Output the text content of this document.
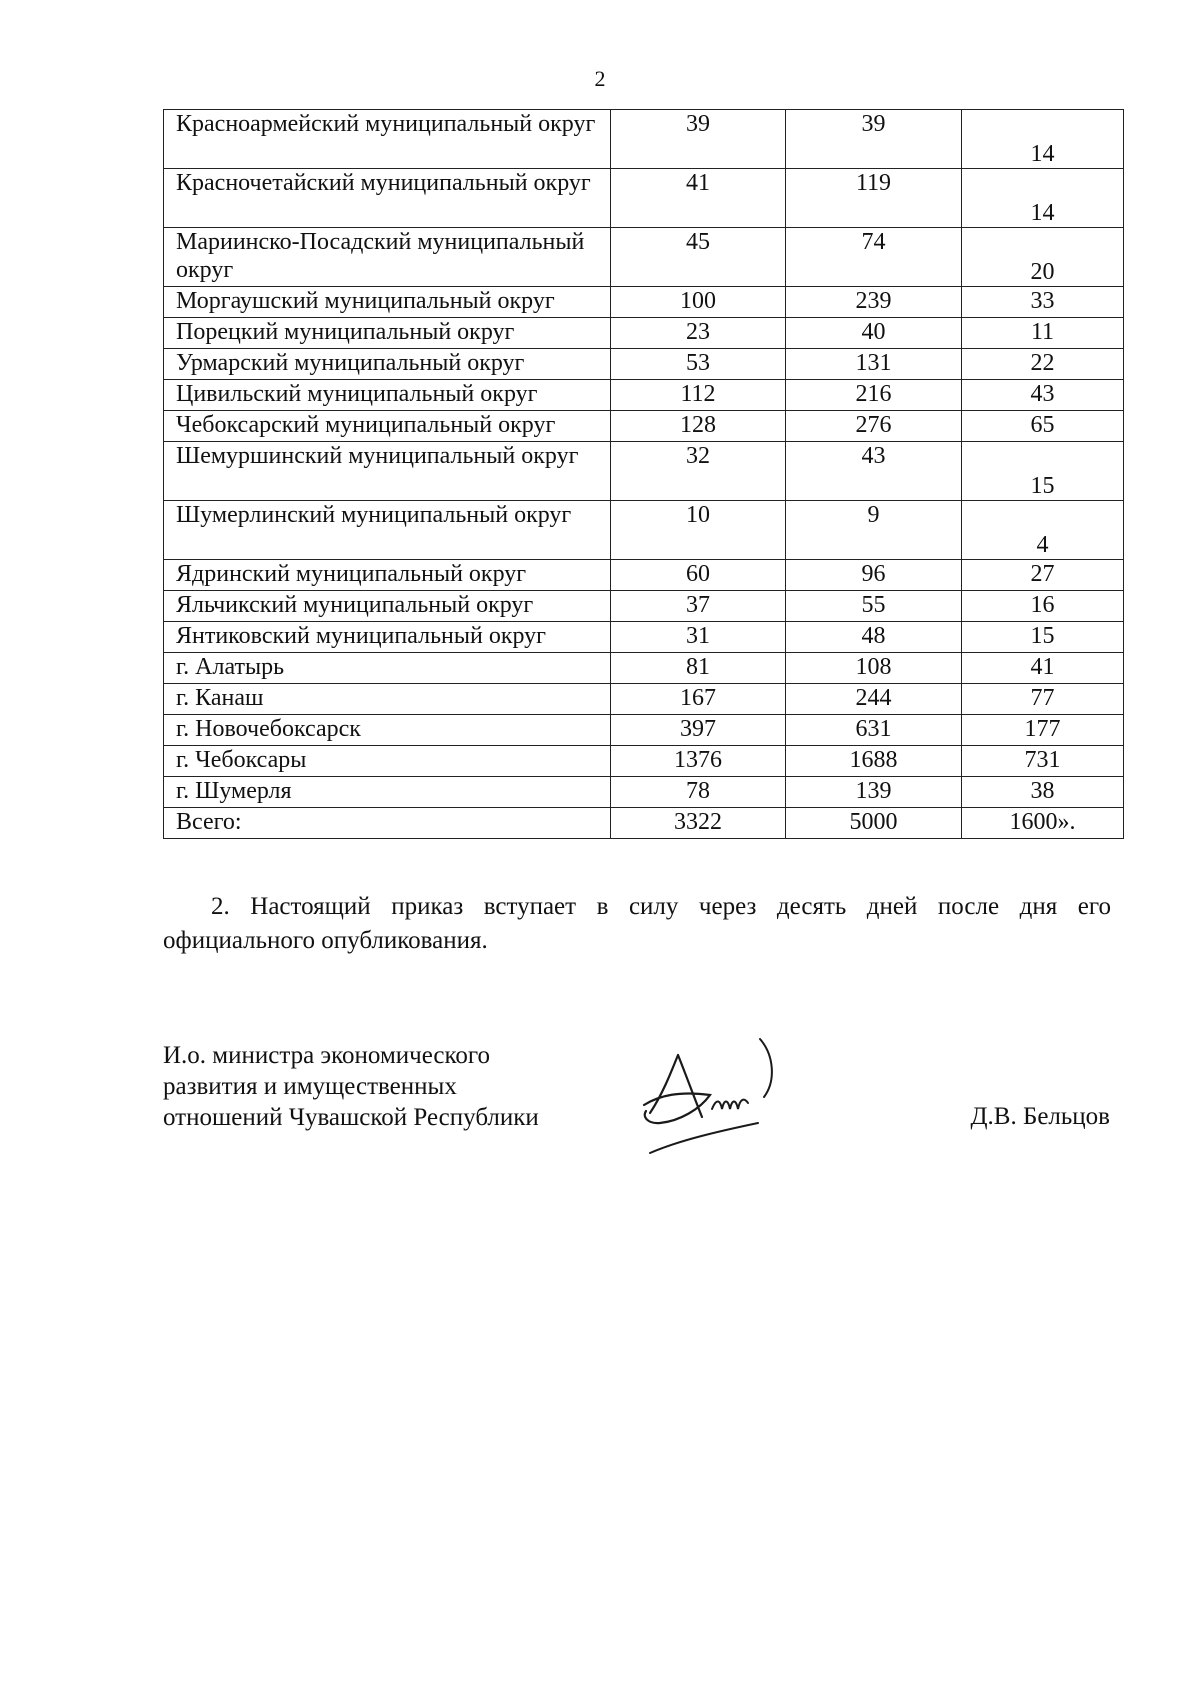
2
Красноармейский муниципальный округ	39	39	14
Красночетайский муниципальный округ	41	119	14
Мариинско-Посадский муниципальный округ	45	74	20
Моргаушский муниципальный округ	100	239	33
Порецкий муниципальный округ	23	40	11
Урмарский муниципальный округ	53	131	22
Цивильский муниципальный округ	112	216	43
Чебоксарский муниципальный округ	128	276	65
Шемуршинский муниципальный округ	32	43	15
Шумерлинский муниципальный округ	10	9	4
Ядринский муниципальный округ	60	96	27
Яльчикский муниципальный округ	37	55	16
Янтиковский муниципальный округ	31	48	15
г. Алатырь	81	108	41
г. Канаш	167	244	77
г. Новочебоксарск	397	631	177
г. Чебоксары	1376	1688	731
г. Шумерля	78	139	38
Всего:	3322	5000	1600».
2. Настоящий приказ вступает в силу через десять дней после дня его официального опубликования.
И.о. министра экономического
развития и имущественных
отношений Чувашской Республики	Д.В. Бельцов
